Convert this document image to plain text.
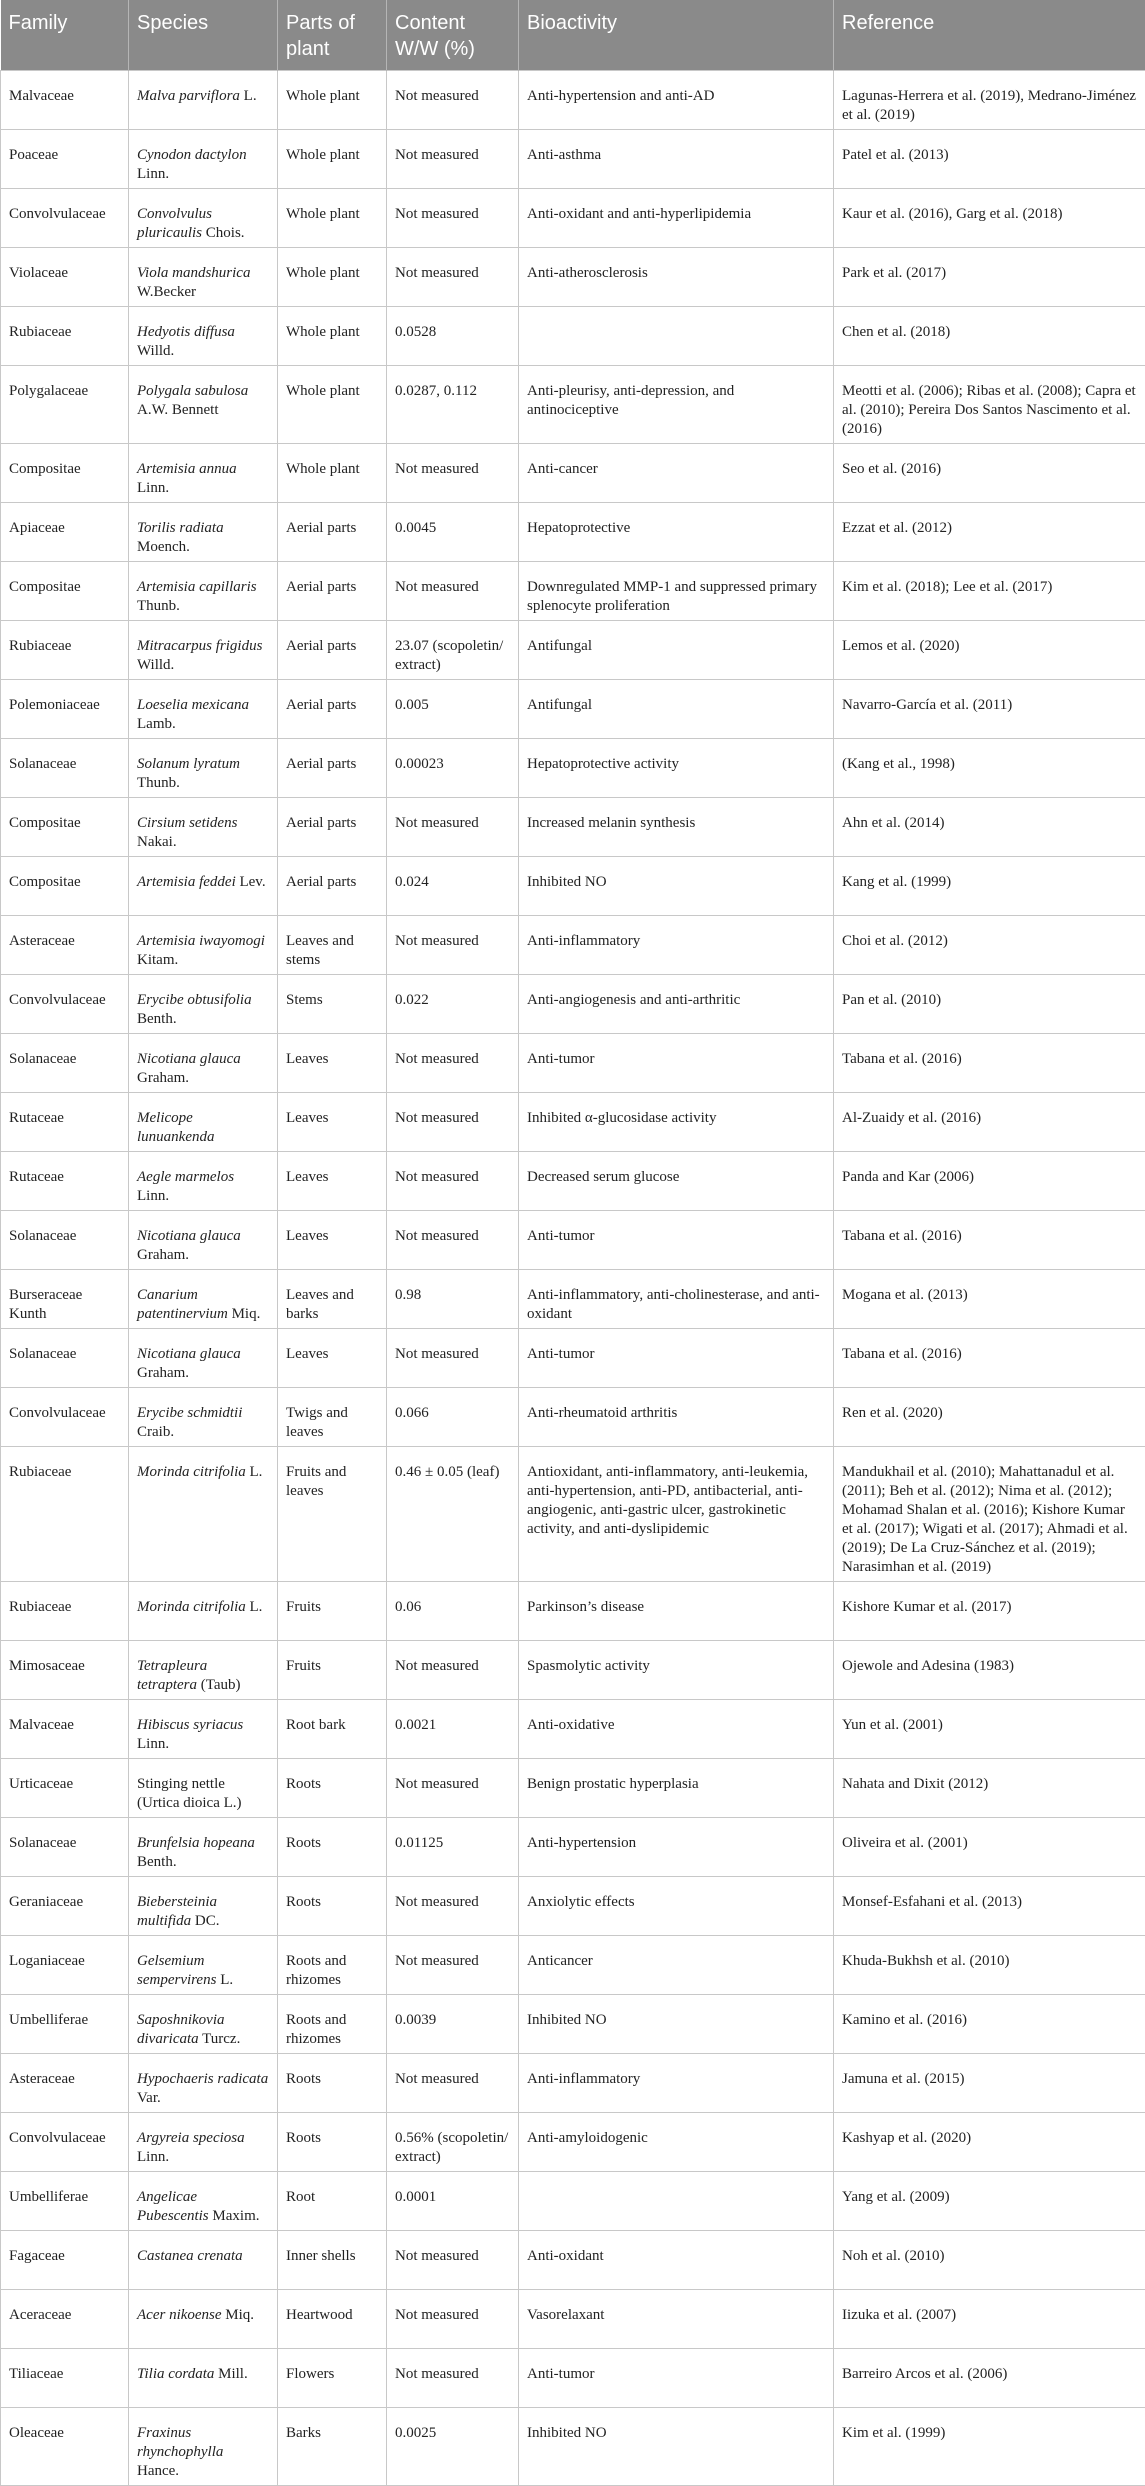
Family	Species	Parts of plant	Content W/W (%)	Bioactivity	Reference
Malvaceae	Malva parviflora L.	Whole plant	Not measured	Anti-hypertension and anti-AD	Lagunas-Herrera et al. (2019), Medrano-Jiménez et al. (2019)
Poaceae	Cynodon dactylon Linn.	Whole plant	Not measured	Anti-asthma	Patel et al. (2013)
Convolvulaceae	Convolvulus pluricaulis Chois.	Whole plant	Not measured	Anti-oxidant and anti-hyperlipidemia	Kaur et al. (2016), Garg et al. (2018)
Violaceae	Viola mandshurica W.Becker	Whole plant	Not measured	Anti-atherosclerosis	Park et al. (2017)
Rubiaceae	Hedyotis diffusa Willd.	Whole plant	0.0528		Chen et al. (2018)
Polygalaceae	Polygala sabulosa A.W. Bennett	Whole plant	0.0287, 0.112	Anti-pleurisy, anti-depression, and antinociceptive	Meotti et al. (2006); Ribas et al. (2008); Capra et al. (2010); Pereira Dos Santos Nascimento et al. (2016)
Compositae	Artemisia annua Linn.	Whole plant	Not measured	Anti-cancer	Seo et al. (2016)
Apiaceae	Torilis radiata Moench.	Aerial parts	0.0045	Hepatoprotective	Ezzat et al. (2012)
Compositae	Artemisia capillaris Thunb.	Aerial parts	Not measured	Downregulated MMP-1 and suppressed primary splenocyte proliferation	Kim et al. (2018); Lee et al. (2017)
Rubiaceae	Mitracarpus frigidus Willd.	Aerial parts	23.07 (scopoletin/ extract)	Antifungal	Lemos et al. (2020)
Polemoniaceae	Loeselia mexicana Lamb.	Aerial parts	0.005	Antifungal	Navarro-García et al. (2011)
Solanaceae	Solanum lyratum Thunb.	Aerial parts	0.00023	Hepatoprotective activity	(Kang et al., 1998)
Compositae	Cirsium setidens Nakai.	Aerial parts	Not measured	Increased melanin synthesis	Ahn et al. (2014)
Compositae	Artemisia feddei Lev.	Aerial parts	0.024	Inhibited NO	Kang et al. (1999)
Asteraceae	Artemisia iwayomogi Kitam.	Leaves and stems	Not measured	Anti-inflammatory	Choi et al. (2012)
Convolvulaceae	Erycibe obtusifolia Benth.	Stems	0.022	Anti-angiogenesis and anti-arthritic	Pan et al. (2010)
Solanaceae	Nicotiana glauca Graham.	Leaves	Not measured	Anti-tumor	Tabana et al. (2016)
Rutaceae	Melicope lunuankenda	Leaves	Not measured	Inhibited α-glucosidase activity	Al-Zuaidy et al. (2016)
Rutaceae	Aegle marmelos Linn.	Leaves	Not measured	Decreased serum glucose	Panda and Kar (2006)
Solanaceae	Nicotiana glauca Graham.	Leaves	Not measured	Anti-tumor	Tabana et al. (2016)
Burseraceae Kunth	Canarium patentinervium Miq.	Leaves and barks	0.98	Anti-inflammatory, anti-cholinesterase, and anti-oxidant	Mogana et al. (2013)
Solanaceae	Nicotiana glauca Graham.	Leaves	Not measured	Anti-tumor	Tabana et al. (2016)
Convolvulaceae	Erycibe schmidtii Craib.	Twigs and leaves	0.066	Anti-rheumatoid arthritis	Ren et al. (2020)
Rubiaceae	Morinda citrifolia L.	Fruits and leaves	0.46 ± 0.05 (leaf)	Antioxidant, anti-inflammatory, anti-leukemia, anti-hypertension, anti-PD, antibacterial, anti-angiogenic, anti-gastric ulcer, gastrokinetic activity, and anti-dyslipidemic	Mandukhail et al. (2010); Mahattanadul et al. (2011); Beh et al. (2012); Nima et al. (2012); Mohamad Shalan et al. (2016); Kishore Kumar et al. (2017); Wigati et al. (2017); Ahmadi et al. (2019); De La Cruz-Sánchez et al. (2019); Narasimhan et al. (2019)
Rubiaceae	Morinda citrifolia L.	Fruits	0.06	Parkinson’s disease	Kishore Kumar et al. (2017)
Mimosaceae	Tetrapleura tetraptera (Taub)	Fruits	Not measured	Spasmolytic activity	Ojewole and Adesina (1983)
Malvaceae	Hibiscus syriacus Linn.	Root bark	0.0021	Anti-oxidative	Yun et al. (2001)
Urticaceae	Stinging nettle (Urtica dioica L.)	Roots	Not measured	Benign prostatic hyperplasia	Nahata and Dixit (2012)
Solanaceae	Brunfelsia hopeana Benth.	Roots	0.01125	Anti-hypertension	Oliveira et al. (2001)
Geraniaceae	Biebersteinia multifida DC.	Roots	Not measured	Anxiolytic effects	Monsef-Esfahani et al. (2013)
Loganiaceae	Gelsemium sempervirens L.	Roots and rhizomes	Not measured	Anticancer	Khuda-Bukhsh et al. (2010)
Umbelliferae	Saposhnikovia divaricata Turcz.	Roots and rhizomes	0.0039	Inhibited NO	Kamino et al. (2016)
Asteraceae	Hypochaeris radicata Var.	Roots	Not measured	Anti-inflammatory	Jamuna et al. (2015)
Convolvulaceae	Argyreia speciosa Linn.	Roots	0.56% (scopoletin/ extract)	Anti-amyloidogenic	Kashyap et al. (2020)
Umbelliferae	Angelicae Pubescentis Maxim.	Root	0.0001		Yang et al. (2009)
Fagaceae	Castanea crenata	Inner shells	Not measured	Anti-oxidant	Noh et al. (2010)
Aceraceae	Acer nikoense Miq.	Heartwood	Not measured	Vasorelaxant	Iizuka et al. (2007)
Tiliaceae	Tilia cordata Mill.	Flowers	Not measured	Anti-tumor	Barreiro Arcos et al. (2006)
Oleaceae	Fraxinus rhynchophylla Hance.	Barks	0.0025	Inhibited NO	Kim et al. (1999)
